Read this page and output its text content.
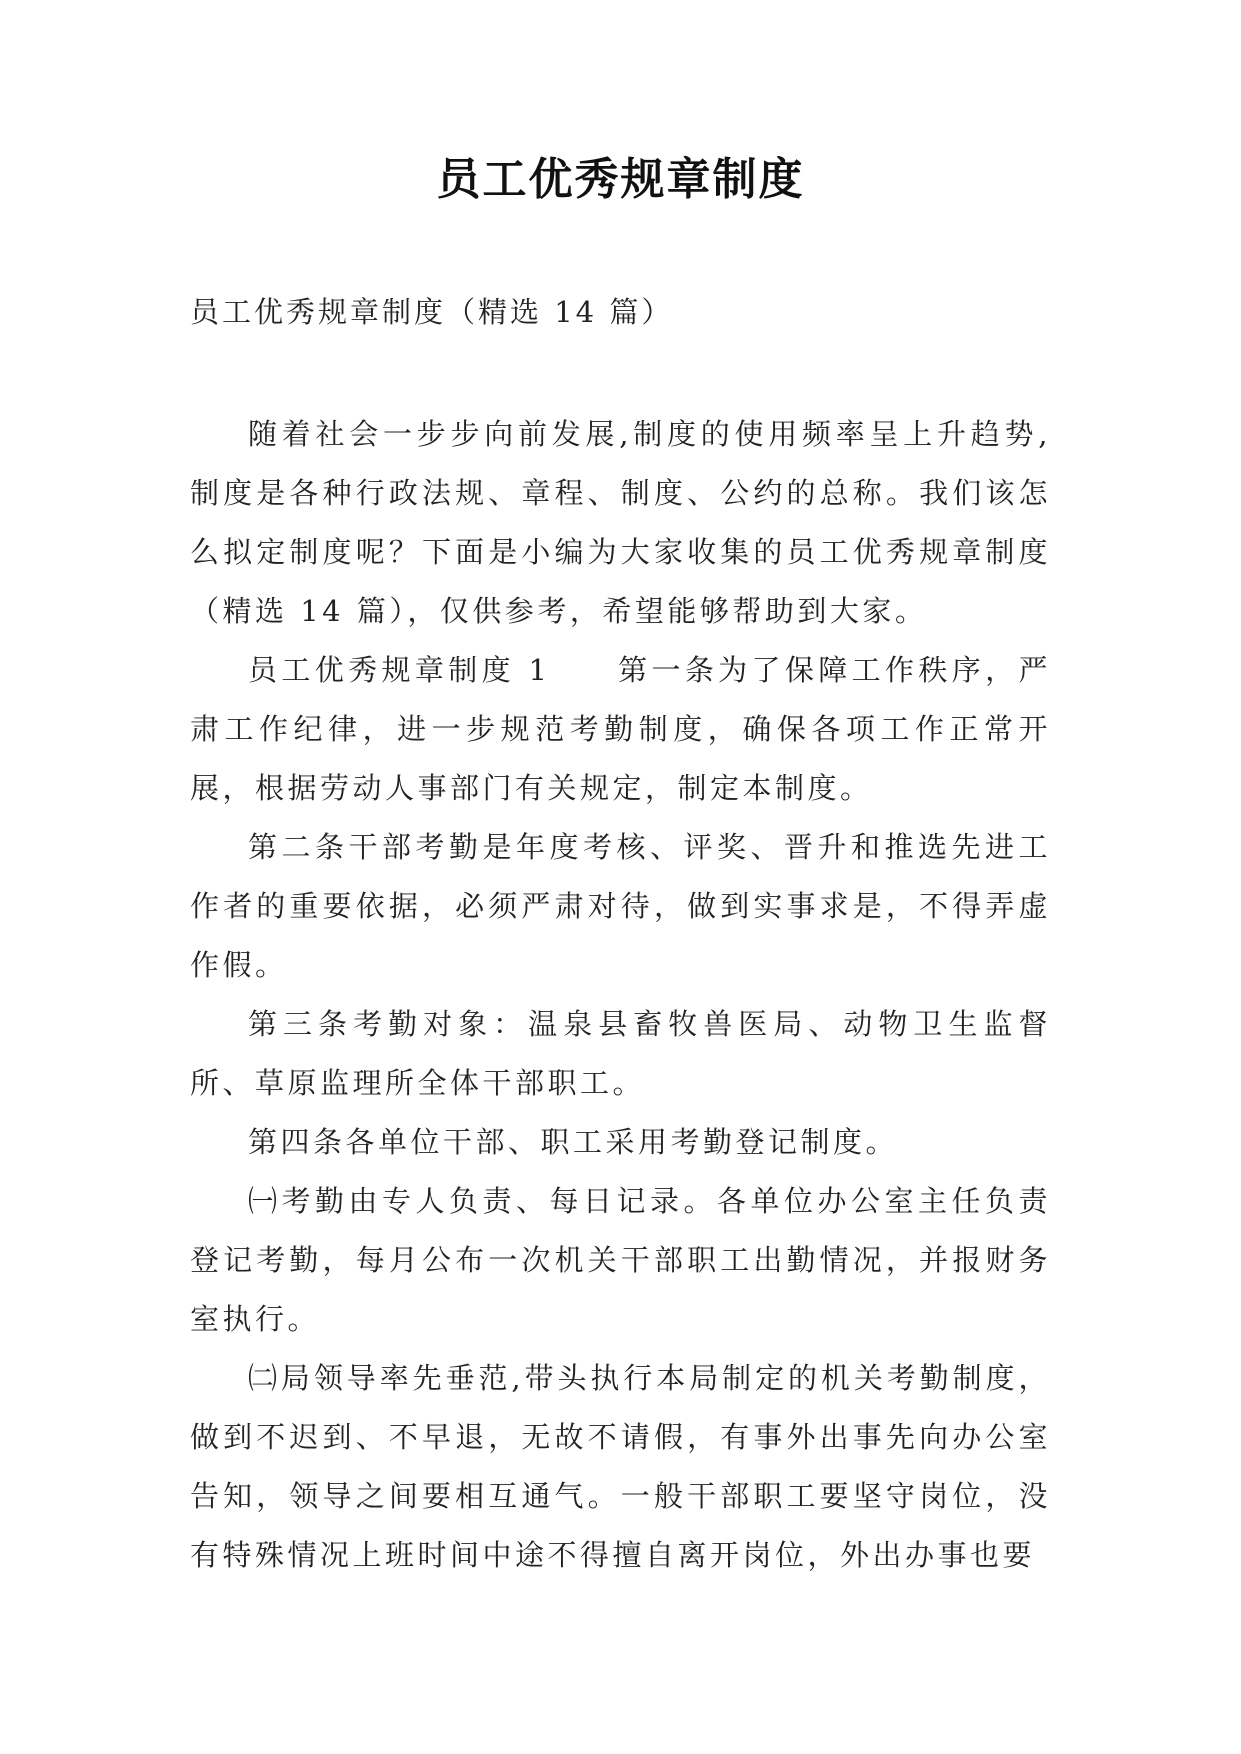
员工优秀规章制度
员工优秀规章制度（精选 14 篇）

随着社会一步步向前发展,制度的使用频率呈上升趋势,制度是各种行政法规、章程、制度、公约的总称。我们该怎么拟定制度呢？下面是小编为大家收集的员工优秀规章制度（精选 14 篇），仅供参考，希望能够帮助到大家。

员工优秀规章制度 1　　第一条为了保障工作秩序，严肃工作纪律，进一步规范考勤制度，确保各项工作正常开展，根据劳动人事部门有关规定，制定本制度。

第二条干部考勤是年度考核、评奖、晋升和推选先进工作者的重要依据，必须严肃对待，做到实事求是，不得弄虚作假。

第三条考勤对象：温泉县畜牧兽医局、动物卫生监督所、草原监理所全体干部职工。

第四条各单位干部、职工采用考勤登记制度。

㈠考勤由专人负责、每日记录。各单位办公室主任负责登记考勤，每月公布一次机关干部职工出勤情况，并报财务室执行。

㈡局领导率先垂范,带头执行本局制定的机关考勤制度，做到不迟到、不早退，无故不请假，有事外出事先向办公室告知，领导之间要相互通气。一般干部职工要坚守岗位，没有特殊情况上班时间中途不得擅自离开岗位，外出办事也要
